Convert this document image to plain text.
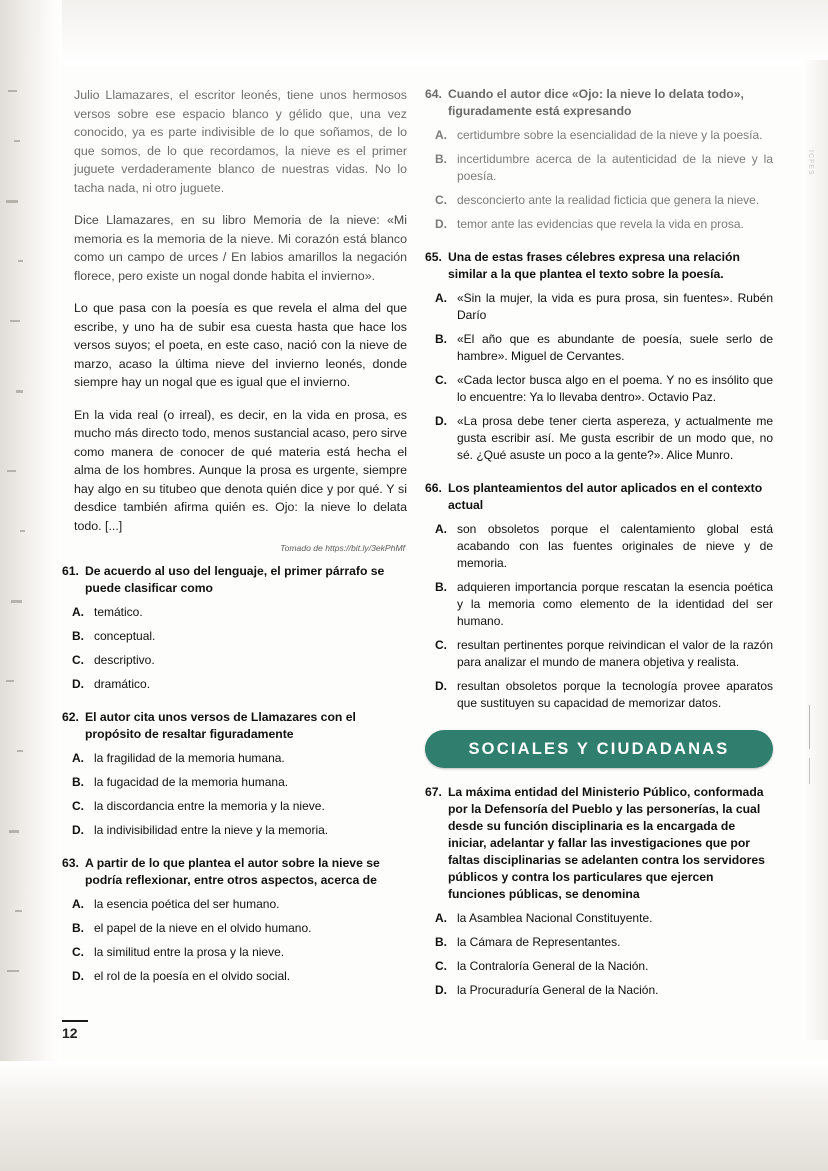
Julio Llamazares, el escritor leonés, tiene unos hermosos versos sobre ese espacio blanco y gélido que, una vez conocido, ya es parte indivisible de lo que soñamos, de lo que somos, de lo que recordamos, la nieve es el primer juguete verdaderamente blanco de nuestras vidas. No lo tacha nada, ni otro juguete.

Dice Llamazares, en su libro Memoria de la nieve: «Mi memoria es la memoria de la nieve. Mi corazón está blanco como un campo de urces / En labios amarillos la negación florece, pero existe un nogal donde habita el invierno».

Lo que pasa con la poesía es que revela el alma del que escribe, y uno ha de subir esa cuesta hasta que hace los versos suyos; el poeta, en este caso, nació con la nieve de marzo, acaso la última nieve del invierno leonés, donde siempre hay un nogal que es igual que el invierno.

En la vida real (o irreal), es decir, en la vida en prosa, es mucho más directo todo, menos sustancial acaso, pero sirve como manera de conocer de qué materia está hecha el alma de los hombres. Aunque la prosa es urgente, siempre hay algo en su titubeo que denota quién dice y por qué. Y si desdice también afirma quién es. Ojo: la nieve lo delata todo. [...]

Tomado de https://bit.ly/3ekPhMf
61. De acuerdo al uso del lenguaje, el primer párrafo se puede clasificar como
A. temático.
B. conceptual.
C. descriptivo.
D. dramático.
62. El autor cita unos versos de Llamazares con el propósito de resaltar figuradamente
A. la fragilidad de la memoria humana.
B. la fugacidad de la memoria humana.
C. la discordancia entre la memoria y la nieve.
D. la indivisibilidad entre la nieve y la memoria.
63. A partir de lo que plantea el autor sobre la nieve se podría reflexionar, entre otros aspectos, acerca de
A. la esencia poética del ser humano.
B. el papel de la nieve en el olvido humano.
C. la similitud entre la prosa y la nieve.
D. el rol de la poesía en el olvido social.
64. Cuando el autor dice «Ojo: la nieve lo delata todo», figuradamente está expresando
A. certidumbre sobre la esencialidad de la nieve y la poesía.
B. incertidumbre acerca de la autenticidad de la nieve y la poesía.
C. desconcierto ante la realidad ficticia que genera la nieve.
D. temor ante las evidencias que revela la vida en prosa.
65. Una de estas frases célebres expresa una relación similar a la que plantea el texto sobre la poesía.
A. «Sin la mujer, la vida es pura prosa, sin fuentes». Rubén Darío
B. «El año que es abundante de poesía, suele serlo de hambre». Miguel de Cervantes.
C. «Cada lector busca algo en el poema. Y no es insólito que lo encuentre: Ya lo llevaba dentro». Octavio Paz.
D. «La prosa debe tener cierta aspereza, y actualmente me gusta escribir así. Me gusta escribir de un modo que, no sé. ¿Qué asuste un poco a la gente?». Alice Munro.
66. Los planteamientos del autor aplicados en el contexto actual
A. son obsoletos porque el calentamiento global está acabando con las fuentes originales de nieve y de memoria.
B. adquieren importancia porque rescatan la esencia poética y la memoria como elemento de la identidad del ser humano.
C. resultan pertinentes porque reivindican el valor de la razón para analizar el mundo de manera objetiva y realista.
D. resultan obsoletos porque la tecnología provee aparatos que sustituyen su capacidad de memorizar datos.
SOCIALES Y CIUDADANAS
67. La máxima entidad del Ministerio Público, conformada por la Defensoría del Pueblo y las personerías, la cual desde su función disciplinaria es la encargada de iniciar, adelantar y fallar las investigaciones que por faltas disciplinarias se adelanten contra los servidores públicos y contra los particulares que ejercen funciones públicas, se denomina
A. la Asamblea Nacional Constituyente.
B. la Cámara de Representantes.
C. la Contraloría General de la Nación.
D. la Procuraduría General de la Nación.
12
ICFES
